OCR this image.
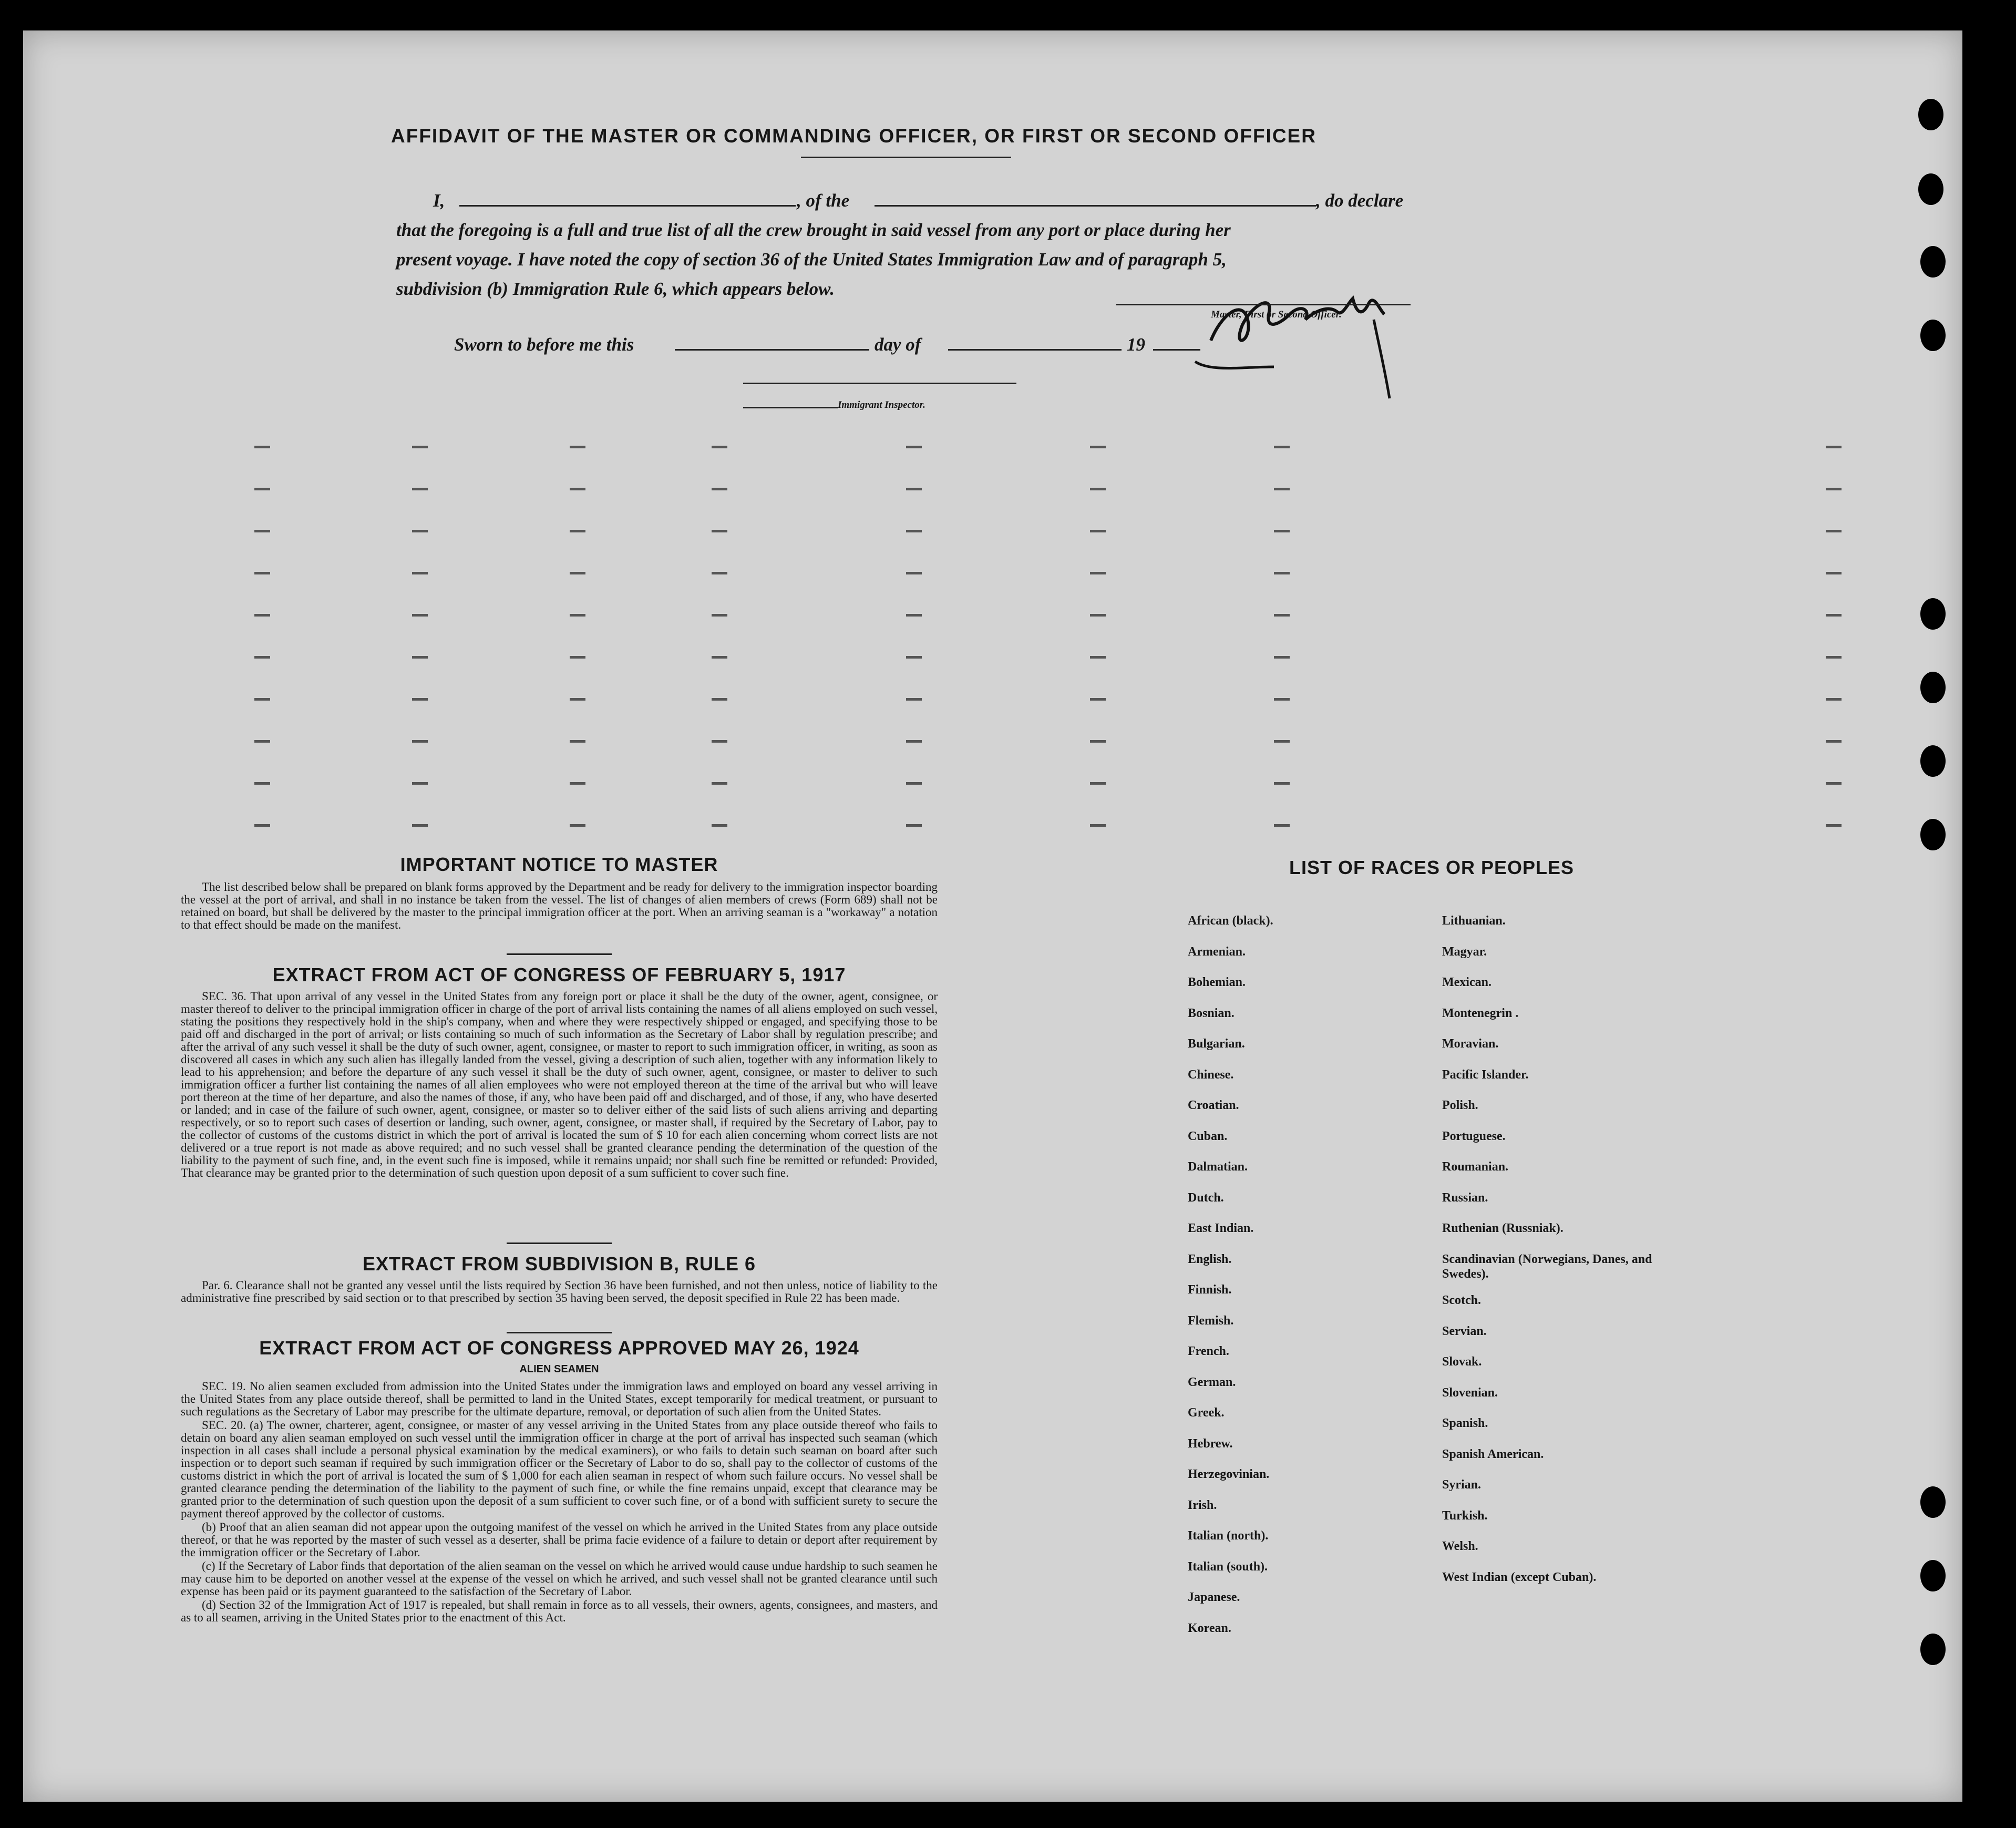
AFFIDAVIT OF THE MASTER OR COMMANDING OFFICER, OR FIRST OR SECOND OFFICER
I,	, of the	, do declare
that the foregoing is a full and true list of all the crew brought in said vessel from any port or place during her
present voyage. I have noted the copy of section 36 of the United States Immigration Law and of paragraph 5,
subdivision (b) Immigration Rule 6, which appears below.
Master, First or Second Officer.
Sworn to before me this	day of	19
Immigrant Inspector.
IMPORTANT NOTICE TO MASTER

The list described below shall be prepared on blank forms approved by the Department and be ready for delivery to the immigration inspector boarding the vessel at the port of arrival, and shall in no instance be taken from the vessel. The list of changes of alien members of crews (Form 689) shall not be retained on board, but shall be delivered by the master to the principal immigration officer at the port. When an arriving seaman is a "workaway" a notation to that effect should be made on the manifest.

EXTRACT FROM ACT OF CONGRESS OF FEBRUARY 5, 1917

SEC. 36. That upon arrival of any vessel in the United States from any foreign port or place it shall be the duty of the owner, agent, consignee, or master thereof to deliver to the principal immigration officer in charge of the port of arrival lists containing the names of all aliens employed on such vessel, stating the positions they respectively hold in the ship's company, when and where they were respectively shipped or engaged, and specifying those to be paid off and discharged in the port of arrival; or lists containing so much of such information as the Secretary of Labor shall by regulation prescribe; and after the arrival of any such vessel it shall be the duty of such owner, agent, consignee, or master to report to such immigration officer, in writing, as soon as discovered all cases in which any such alien has illegally landed from the vessel, giving a description of such alien, together with any information likely to lead to his apprehension; and before the departure of any such vessel it shall be the duty of such owner, agent, consignee, or master to deliver to such immigration officer a further list containing the names of all alien employees who were not employed thereon at the time of the arrival but who will leave port thereon at the time of her departure, and also the names of those, if any, who have been paid off and discharged, and of those, if any, who have deserted or landed; and in case of the failure of such owner, agent, consignee, or master so to deliver either of the said lists of such aliens arriving and departing respectively, or so to report such cases of desertion or landing, such owner, agent, consignee, or master shall, if required by the Secretary of Labor, pay to the collector of customs of the customs district in which the port of arrival is located the sum of $ 10 for each alien concerning whom correct lists are not delivered or a true report is not made as above required; and no such vessel shall be granted clearance pending the determination of the question of the liability to the payment of such fine, and, in the event such fine is imposed, while it remains unpaid; nor shall such fine be remitted or refunded: Provided, That clearance may be granted prior to the determination of such question upon deposit of a sum sufficient to cover such fine.

EXTRACT FROM SUBDIVISION B, RULE 6

Par. 6. Clearance shall not be granted any vessel until the lists required by Section 36 have been furnished, and not then unless, notice of liability to the administrative fine prescribed by said section or to that prescribed by section 35 having been served, the deposit specified in Rule 22 has been made.

EXTRACT FROM ACT OF CONGRESS APPROVED MAY 26, 1924
ALIEN SEAMEN

SEC. 19. No alien seamen excluded from admission into the United States under the immigration laws and employed on board any vessel arriving in the United States from any place outside thereof, shall be permitted to land in the United States, except temporarily for medical treatment, or pursuant to such regulations as the Secretary of Labor may prescribe for the ultimate departure, removal, or deportation of such alien from the United States.

SEC. 20. (a) The owner, charterer, agent, consignee, or master of any vessel arriving in the United States from any place outside thereof who fails to detain on board any alien seaman employed on such vessel until the immigration officer in charge at the port of arrival has inspected such seaman (which inspection in all cases shall include a personal physical examination by the medical examiners), or who fails to detain such seaman on board after such inspection or to deport such seaman if required by such immigration officer or the Secretary of Labor to do so, shall pay to the collector of customs of the customs district in which the port of arrival is located the sum of $ 1,000 for each alien seaman in respect of whom such failure occurs. No vessel shall be granted clearance pending the determination of the liability to the payment of such fine, or while the fine remains unpaid, except that clearance may be granted prior to the determination of such question upon the deposit of a sum sufficient to cover such fine, or of a bond with sufficient surety to secure the payment thereof approved by the collector of customs.

(b) Proof that an alien seaman did not appear upon the outgoing manifest of the vessel on which he arrived in the United States from any place outside thereof, or that he was reported by the master of such vessel as a deserter, shall be prima facie evidence of a failure to detain or deport after requirement by the immigration officer or the Secretary of Labor.

(c) If the Secretary of Labor finds that deportation of the alien seaman on the vessel on which he arrived would cause undue hardship to such seamen he may cause him to be deported on another vessel at the expense of the vessel on which he arrived, and such vessel shall not be granted clearance until such expense has been paid or its payment guaranteed to the satisfaction of the Secretary of Labor.

(d) Section 32 of the Immigration Act of 1917 is repealed, but shall remain in force as to all vessels, their owners, agents, consignees, and masters, and as to all seamen, arriving in the United States prior to the enactment of this Act.

LIST OF RACES OR PEOPLES
African (black).
Armenian.
Bohemian.
Bosnian.
Bulgarian.
Chinese.
Croatian.
Cuban.
Dalmatian.
Dutch.
East Indian.
English.
Finnish.
Flemish.
French.
German.
Greek.
Hebrew.
Herzegovinian.
Irish.
Italian (north).
Italian (south).
Japanese.
Korean.
Lithuanian.
Magyar.
Mexican.
Montenegrin .
Moravian.
Pacific Islander.
Polish.
Portuguese.
Roumanian.
Russian.
Ruthenian (Russniak).
Scandinavian (Norwegians, Danes, and Swedes).
Scotch.
Servian.
Slovak.
Slovenian.
Spanish.
Spanish American.
Syrian.
Turkish.
Welsh.
West Indian (except Cuban).
